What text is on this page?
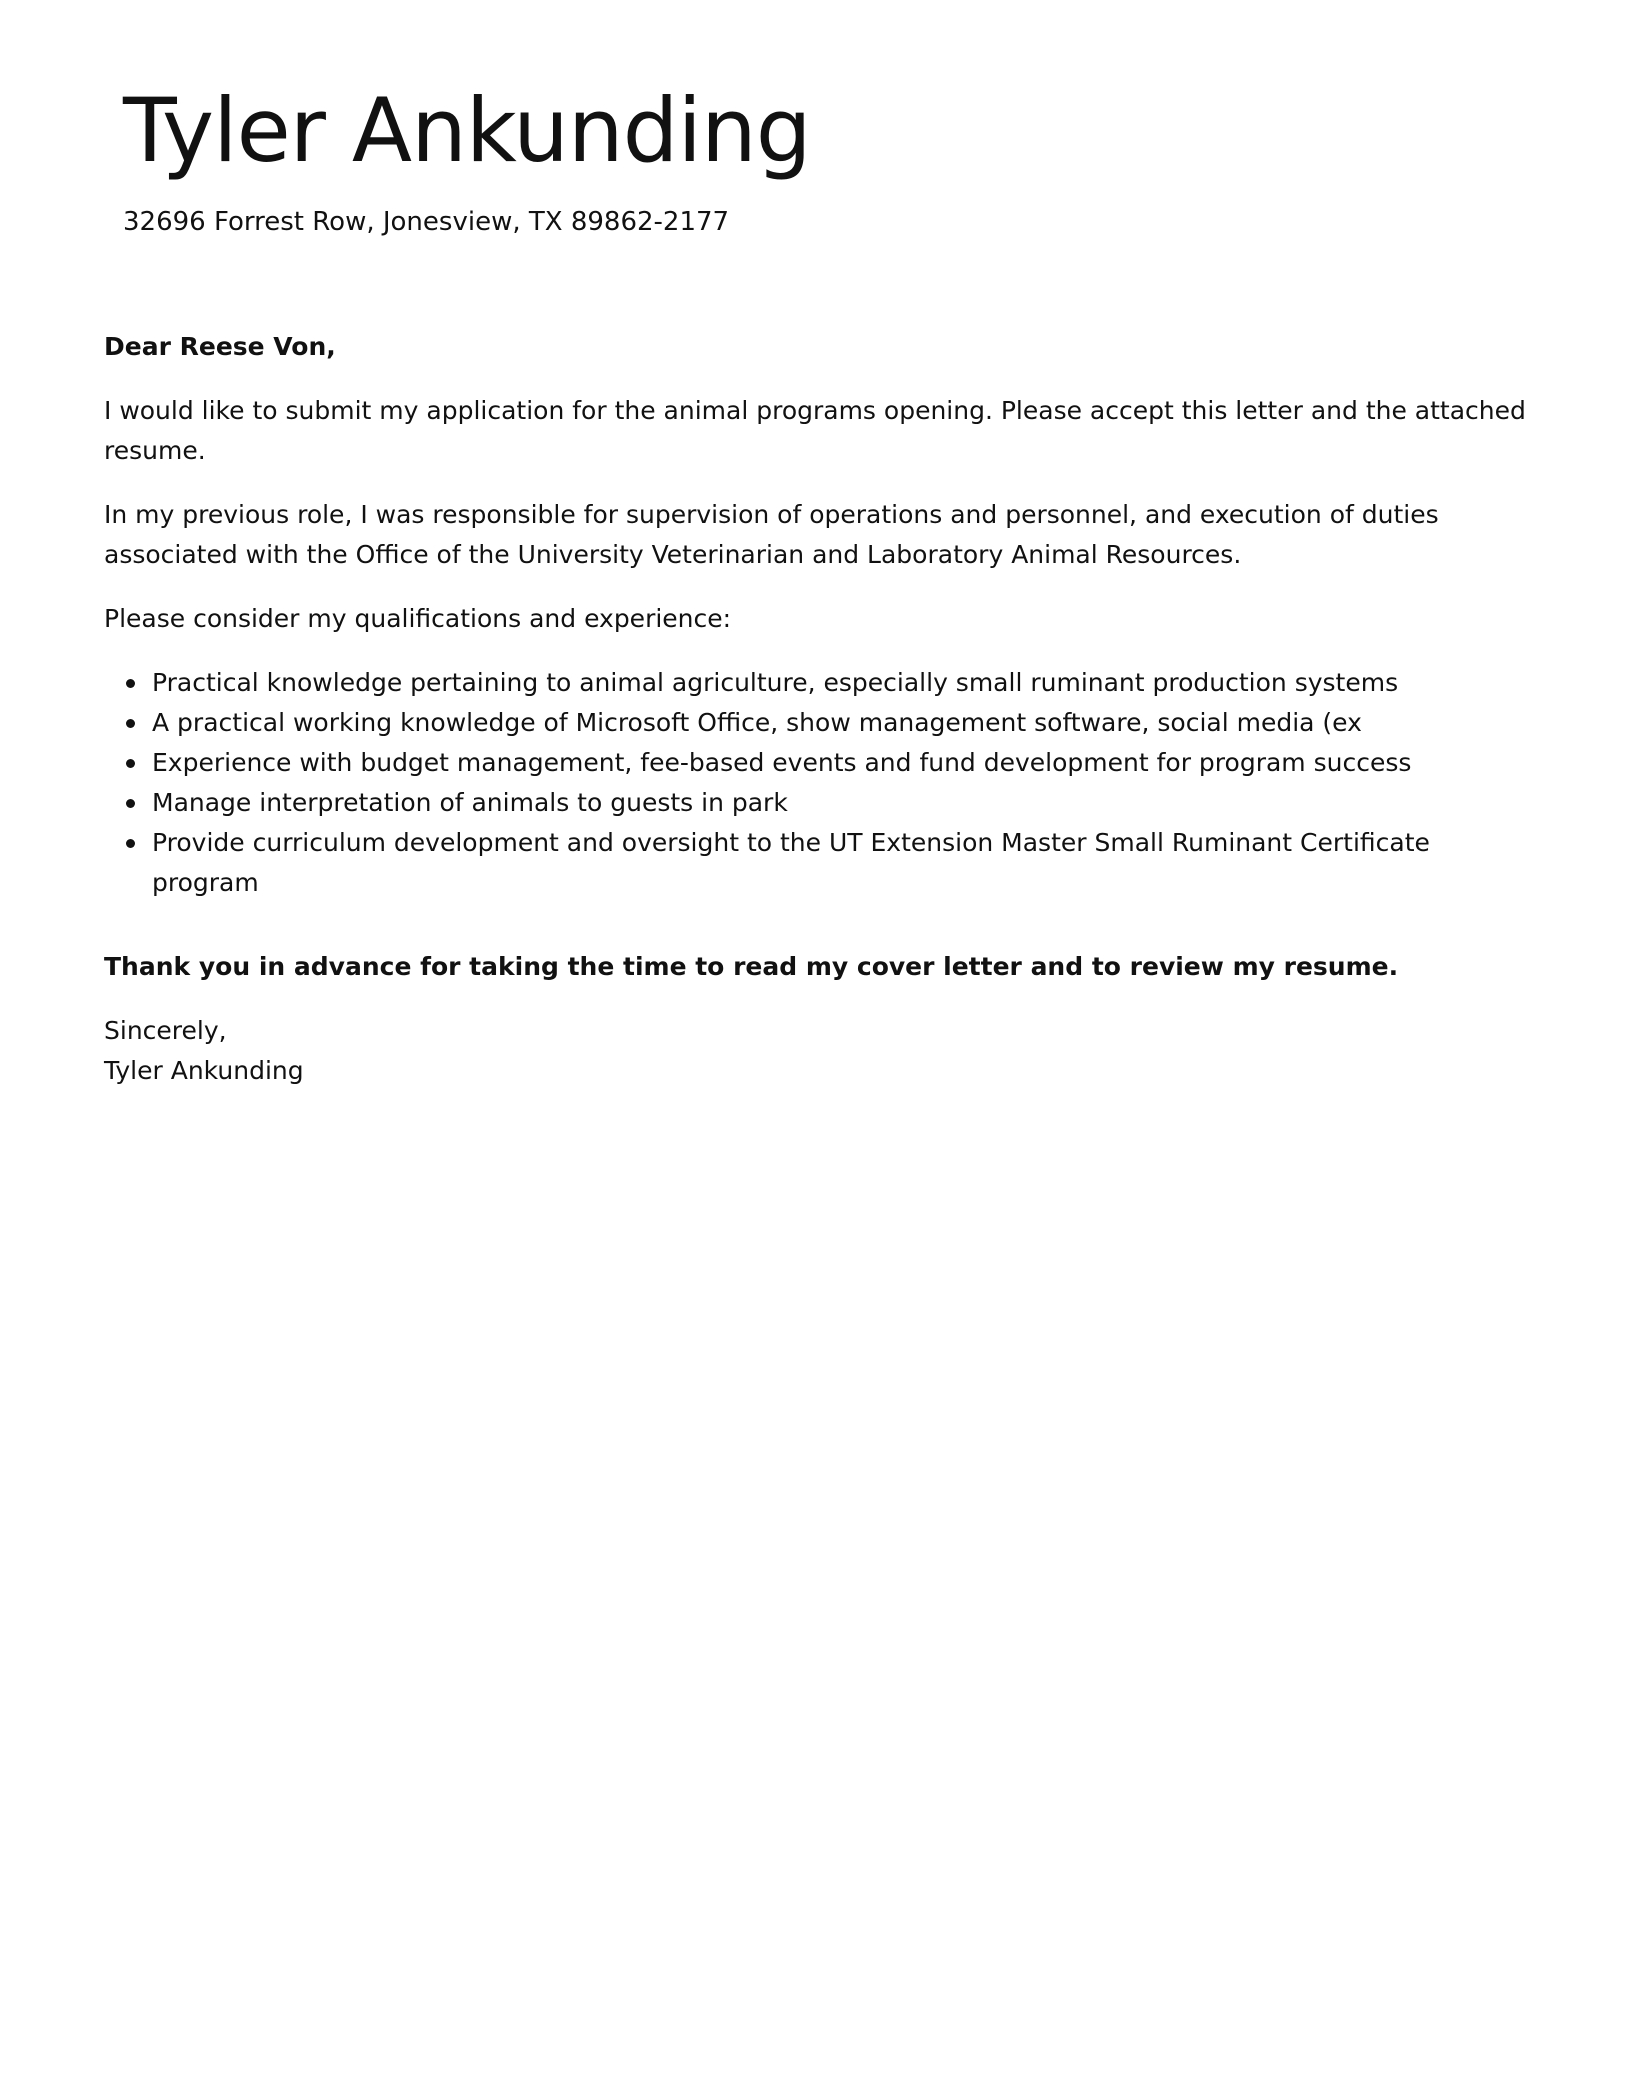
Tyler Ankunding
32696 Forrest Row, Jonesview, TX 89862-2177

Dear Reese Von,

I would like to submit my application for the animal programs opening. Please accept this letter and the attached resume.

In my previous role, I was responsible for supervision of operations and personnel, and execution of duties associated with the Office of the University Veterinarian and Laboratory Animal Resources.

Please consider my qualifications and experience:

Practical knowledge pertaining to animal agriculture, especially small ruminant production systems
A practical working knowledge of Microsoft Office, show management software, social media (ex
Experience with budget management, fee-based events and fund development for program success
Manage interpretation of animals to guests in park
Provide curriculum development and oversight to the UT Extension Master Small Ruminant Certificate program

Thank you in advance for taking the time to read my cover letter and to review my resume.

Sincerely,

Tyler Ankunding
